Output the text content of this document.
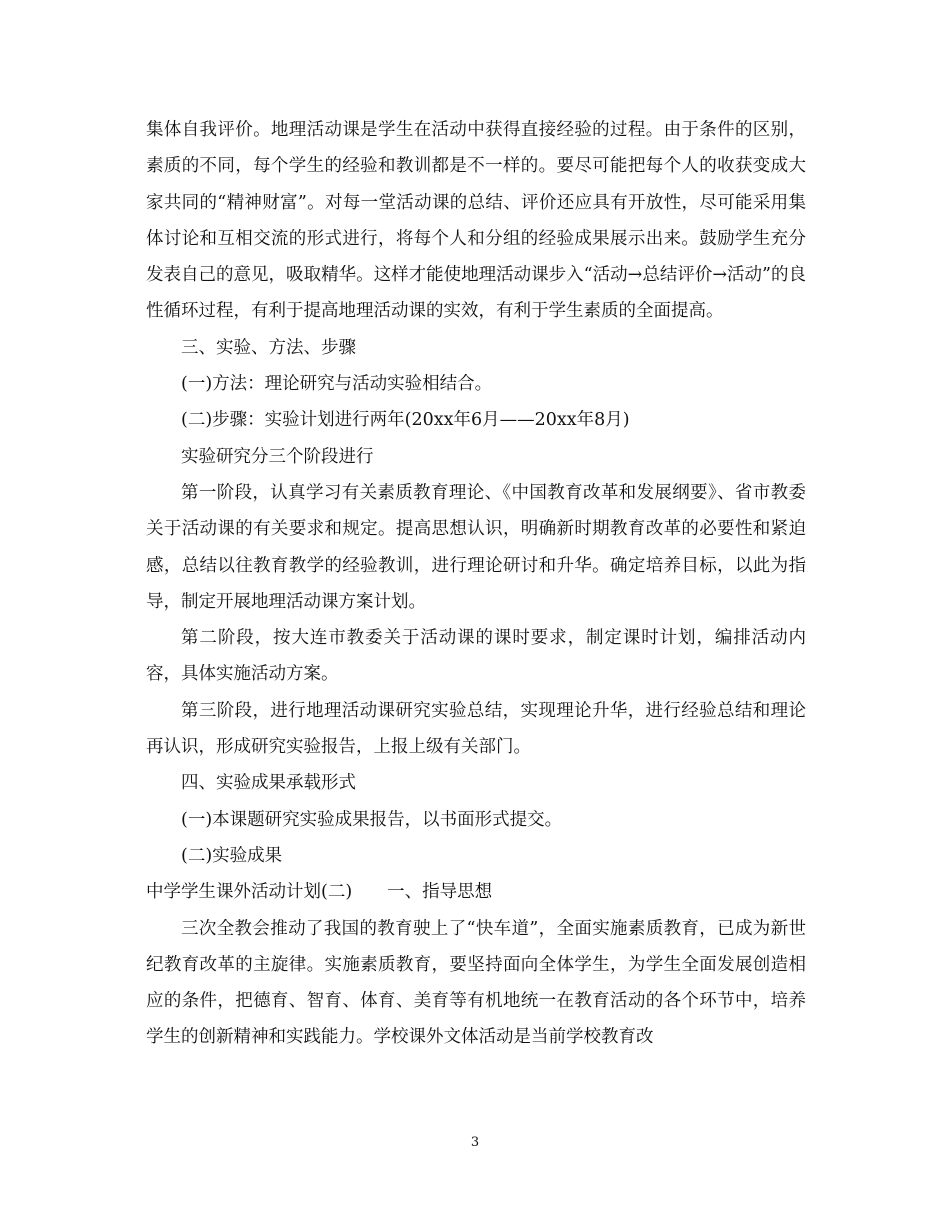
集体自我评价。地理活动课是学生在活动中获得直接经验的过程。由于条件的区别，素质的不同，每个学生的经验和教训都是不一样的。要尽可能把每个人的收获变成大家共同的“精神财富”。对每一堂活动课的总结、评价还应具有开放性，尽可能采用集体讨论和互相交流的形式进行，将每个人和分组的经验成果展示出来。鼓励学生充分发表自己的意见，吸取精华。这样才能使地理活动课步入“活动→总结评价→活动”的良性循环过程，有利于提高地理活动课的实效，有利于学生素质的全面提高。

三、实验、方法、步骤

(一)方法：理论研究与活动实验相结合。

(二)步骤：实验计划进行两年(20xx年6月——20xx年8月)

实验研究分三个阶段进行

第一阶段，认真学习有关素质教育理论、《中国教育改革和发展纲要》、省市教委关于活动课的有关要求和规定。提高思想认识，明确新时期教育改革的必要性和紧迫感，总结以往教育教学的经验教训，进行理论研讨和升华。确定培养目标，以此为指导，制定开展地理活动课方案计划。

第二阶段，按大连市教委关于活动课的课时要求，制定课时计划，编排活动内容，具体实施活动方案。

第三阶段，进行地理活动课研究实验总结，实现理论升华，进行经验总结和理论再认识，形成研究实验报告，上报上级有关部门。

四、实验成果承载形式

(一)本课题研究实验成果报告，以书面形式提交。

(二)实验成果

中学学生课外活动计划(二)　　一、指导思想

三次全教会推动了我国的教育驶上了“快车道”，全面实施素质教育，已成为新世纪教育改革的主旋律。实施素质教育，要坚持面向全体学生，为学生全面发展创造相应的条件，把德育、智育、体育、美育等有机地统一在教育活动的各个环节中，培养学生的创新精神和实践能力。学校课外文体活动是当前学校教育改

3
